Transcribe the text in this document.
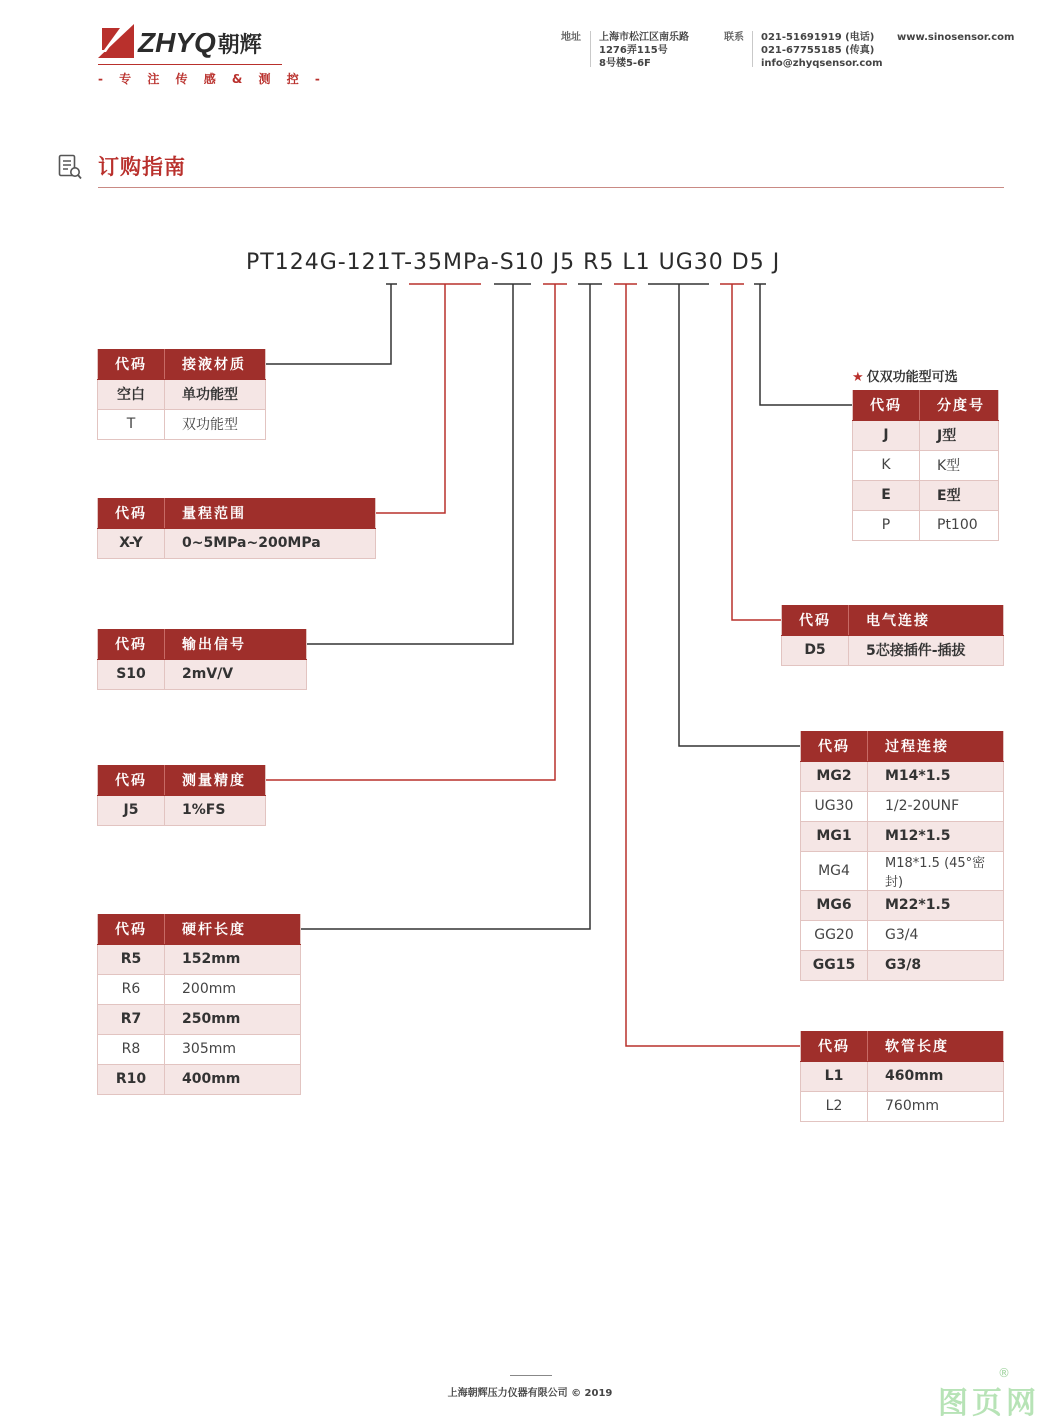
ZHYQ朝辉
- 专 注 传 感 & 测 控 -
地址 上海市松江区南乐路
1276弄115号
8号楼5-6F
联系 021-51691919 (电话)
021-67755185 (传真)
info@zhyqsensor.com
www.sinosensor.com
订购指南
PT124G-121T-35MPa-S10 J5 R5 L1 UG30 D5 J
代码	接液材质
空白	单功能型
T	双功能型
代码	量程范围
X-Y	0~5MPa~200MPa
代码	输出信号
S10	2mV/V
代码	测量精度
J5	1%FS
代码	硬杆长度
R5	152mm
R6	200mm
R7	250mm
R8	305mm
R10	400mm
★ 仅双功能型可选
代码	分度号
J	J型
K	K型
E	E型
P	Pt100
代码	电气连接
D5	5芯接插件-插拔
代码	过程连接
MG2	M14*1.5
UG30	1/2-20UNF
MG1	M12*1.5
MG4	M18*1.5 (45°密封)
MG6	M22*1.5
GG20	G3/4
GG15	G3/8
代码	软管长度
L1	460mm
L2	760mm
上海朝辉压力仪器有限公司 © 2019	图页网
®
